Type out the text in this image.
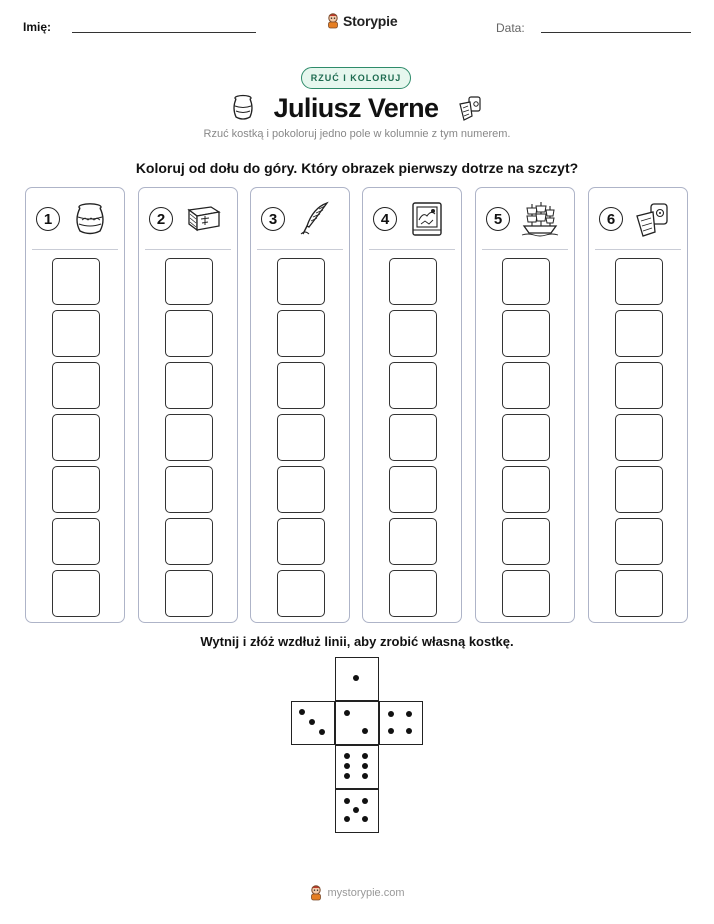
Imię:	Storypie	Data:
RZUĆ I KOLORUJ
Juliusz Verne
Rzuć kostką i pokoloruj jedno pole w kolumnie z tym numerem.
Koloruj od dołu do góry. Który obrazek pierwszy dotrze na szczyt?
1	2	3	4	5	6
Wytnij i złóż wzdłuż linii, aby zrobić własną kostkę.
mystorypie.com
